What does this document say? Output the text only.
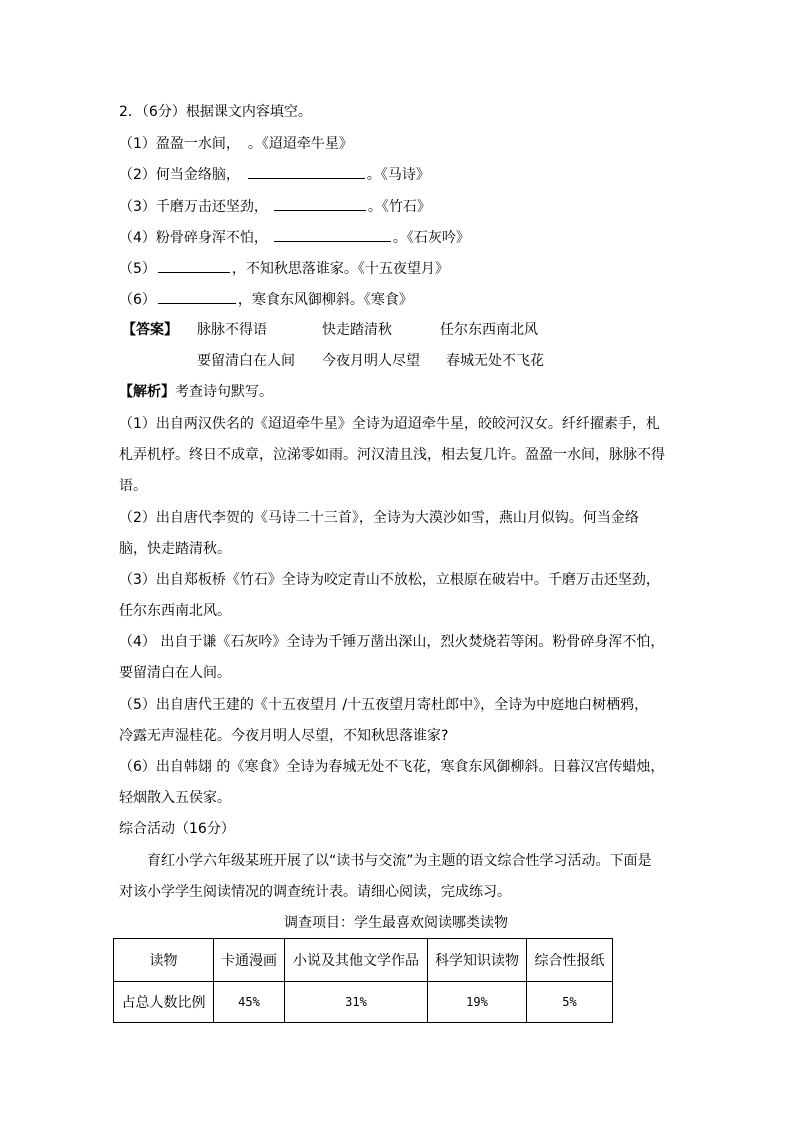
2．（6分）根据课文内容填空。
（1）盈盈一水间， 。《迢迢牵牛星》
（2）何当金络脑，	。《马诗》
（3）千磨万击还坚劲，	。《竹石》
（4）粉骨碎身浑不怕，	。《石灰吟》
（5）	，不知秋思落谁家。《十五夜望月》
（6）	，寒食东风御柳斜。《寒食》
【答案】 脉脉不得语	快走踏清秋	任尔东西南北风
要留清白在人间 今夜月明人尽望 春城无处不飞花
【解析】考查诗句默写。
（1）出自两汉佚名的《迢迢牵牛星》全诗为迢迢牵牛星，皎皎河汉女。纤纤擢素手，札
札弄机杼。终日不成章，泣涕零如雨。河汉清且浅，相去复几许。盈盈一水间，脉脉不得
语。
（2）出自唐代李贺的《马诗二十三首》，全诗为大漠沙如雪，燕山月似钩。何当金络
脑，快走踏清秋。
（3）出自郑板桥《竹石》全诗为咬定青山不放松，立根原在破岩中。千磨万击还坚劲，
任尔东西南北风。
（4） 出自于谦《石灰吟》全诗为千锤万凿出深山，烈火焚烧若等闲。粉骨碎身浑不怕，
要留清白在人间。
（5）出自唐代王建的《十五夜望月 /十五夜望月寄杜郎中》，全诗为中庭地白树栖鸦，
冷露无声湿桂花。今夜月明人尽望，不知秋思落谁家?
（6）出自韩翃 的《寒食》全诗为春城无处不飞花，寒食东风御柳斜。日暮汉宫传蜡烛，
轻烟散入五侯家。
综合活动（16分）
育红小学六年级某班开展了以“读书与交流”为主题的语文综合性学习活动。下面是
对该小学学生阅读情况的调查统计表。请细心阅读，完成练习。
调查项目：学生最喜欢阅读哪类读物
读物	卡通漫画	小说及其他文学作品	科学知识读物	综合性报纸
占总人数比例	45%	31%	19%	5%
